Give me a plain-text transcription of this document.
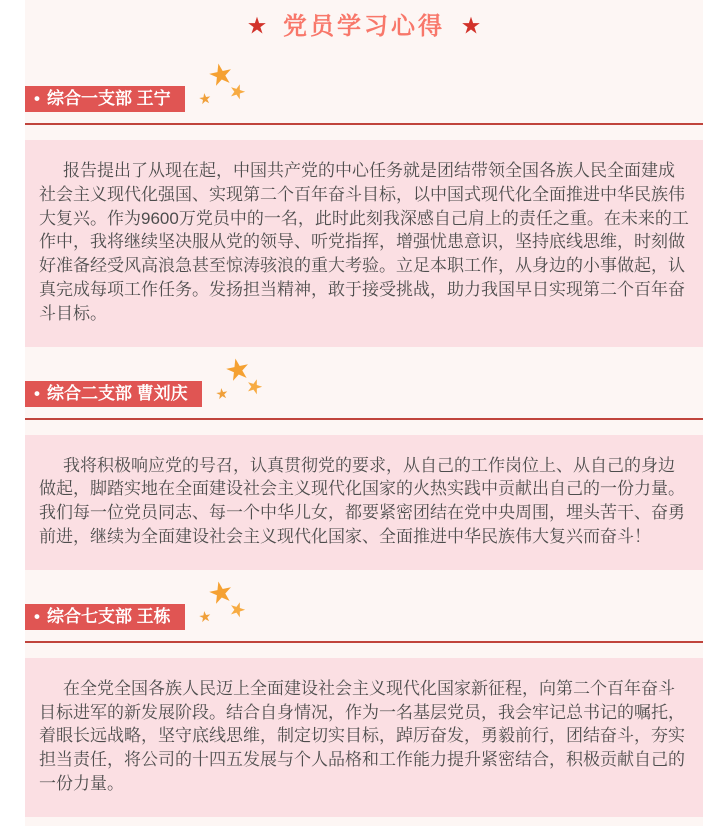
★ 党员学习心得 ★
• 综合一支部 王宁
★
★
★

报告提出了从现在起，中国共产党的中心任务就是团结带领全国各族人民全面建成社会主义现代化强国、实现第二个百年奋斗目标，以中国式现代化全面推进中华民族伟大复兴。作为9600万党员中的一名，此时此刻我深感自己肩上的责任之重。在未来的工作中，我将继续坚决服从党的领导、听党指挥，增强忧患意识，坚持底线思维，时刻做好准备经受风高浪急甚至惊涛骇浪的重大考验。立足本职工作，从身边的小事做起，认真完成每项工作任务。发扬担当精神，敢于接受挑战，助力我国早日实现第二个百年奋斗目标。

• 综合二支部 曹刘庆
★
★
★

我将积极响应党的号召，认真贯彻党的要求，从自己的工作岗位上、从自己的身边做起，脚踏实地在全面建设社会主义现代化国家的火热实践中贡献出自己的一份力量。我们每一位党员同志、每一个中华儿女，都要紧密团结在党中央周围，埋头苦干、奋勇前进，继续为全面建设社会主义现代化国家、全面推进中华民族伟大复兴而奋斗！

• 综合七支部 王栋
★
★
★

在全党全国各族人民迈上全面建设社会主义现代化国家新征程，向第二个百年奋斗目标进军的新发展阶段。结合自身情况，作为一名基层党员，我会牢记总书记的嘱托，着眼长远战略，坚守底线思维，制定切实目标，踔厉奋发，勇毅前行，团结奋斗，夯实担当责任，将公司的十四五发展与个人品格和工作能力提升紧密结合，积极贡献自己的一份力量。
